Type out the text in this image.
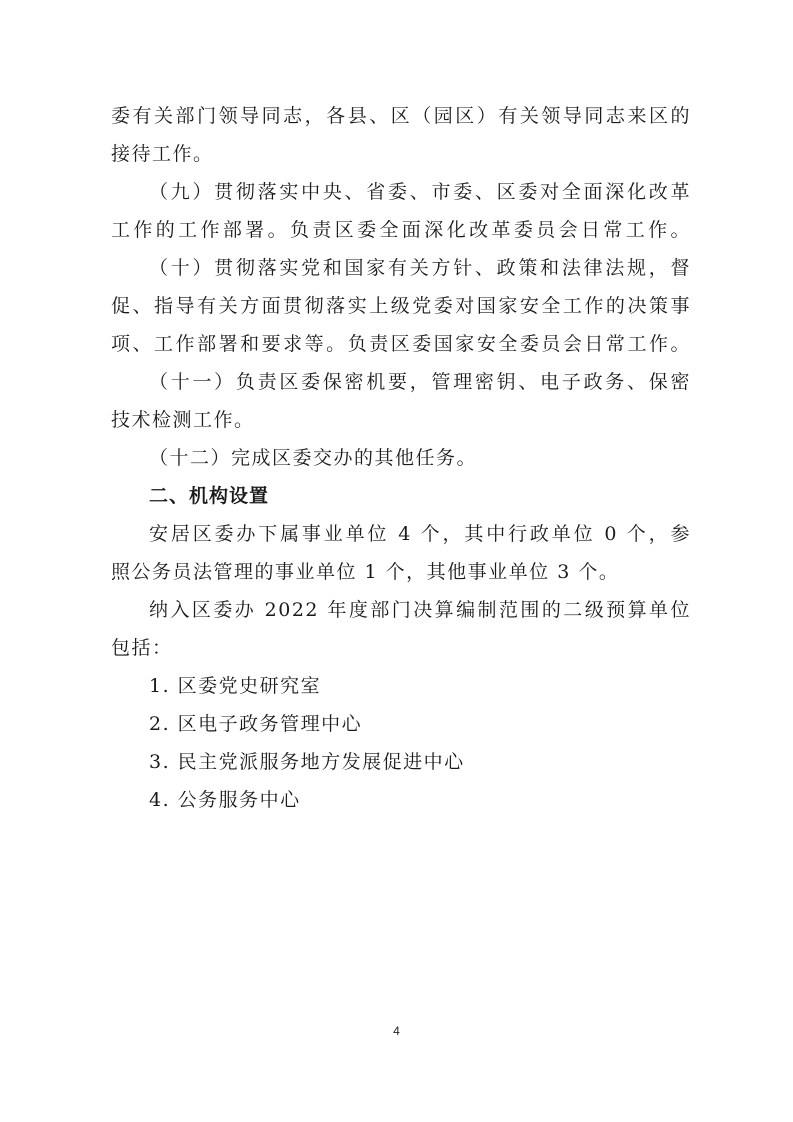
委有关部门领导同志，各县、区（园区）有关领导同志来区的
接待工作。
（九）贯彻落实中央、省委、市委、区委对全面深化改革
工作的工作部署。负责区委全面深化改革委员会日常工作。
（十）贯彻落实党和国家有关方针、政策和法律法规，督
促、指导有关方面贯彻落实上级党委对国家安全工作的决策事
项、工作部署和要求等。负责区委国家安全委员会日常工作。
（十一）负责区委保密机要，管理密钥、电子政务、保密
技术检测工作。
（十二）完成区委交办的其他任务。
二、机构设置
安居区委办下属事业单位 4 个，其中行政单位 0 个，参
照公务员法管理的事业单位 1 个，其他事业单位 3 个。
纳入区委办 2022 年度部门决算编制范围的二级预算单位
包括：
1. 区委党史研究室
2. 区电子政务管理中心
3. 民主党派服务地方发展促进中心
4. 公务服务中心
4
